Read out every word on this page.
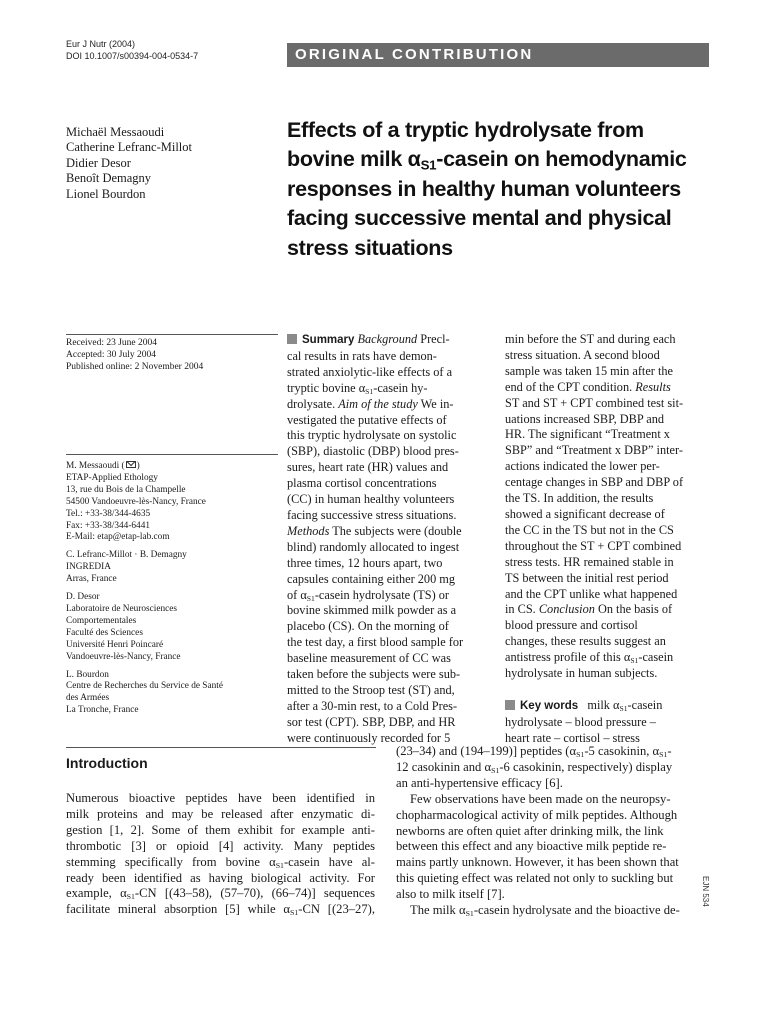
Eur J Nutr (2004)
DOI 10.1007/s00394-004-0534-7	ORIGINAL CONTRIBUTION
Michaël Messaoudi
Catherine Lefranc-Millot
Didier Desor
Benoît Demagny
Lionel Bourdon
Effects of a tryptic hydrolysate from
bovine milk $\alpha_{S1}$-casein on hemodynamic
responses in healthy human volunteers
facing successive mental and physical
stress situations
Received: 23 June 2004
Accepted: 30 July 2004
Published online: 2 November 2004
M. Messaoudi ( )
ETAP-Applied Ethology
13, rue du Bois de la Champelle
54500 Vandoeuvre-lès-Nancy, France
Tel.: +33-38/344-4635
Fax: +33-38/344-6441
E-Mail: etap@etap-lab.com
C. Lefranc-Millot · B. Demagny
INGREDIA
Arras, France
D. Desor
Laboratoire de Neurosciences
Comportementales
Faculté des Sciences
Université Henri Poincaré
Vandoeuvre-lès-Nancy, France
L. Bourdon
Centre de Recherches du Service de Santé
des Armées
La Tronche, France
Summary Background Precl-
cal results in rats have demon-
strated anxiolytic-like effects of a
tryptic bovine $\alpha_{S1}$-casein hy-
drolysate. Aim of the study We in-
vestigated the putative effects of
this tryptic hydrolysate on systolic
(SBP), diastolic (DBP) blood pres-
sures, heart rate (HR) values and
plasma cortisol concentrations
(CC) in human healthy volunteers
facing successive stress situations.
Methods The subjects were (double
blind) randomly allocated to ingest
three times, 12 hours apart, two
capsules containing either 200 mg
of $\alpha_{S1}$-casein hydrolysate (TS) or
bovine skimmed milk powder as a
placebo (CS). On the morning of
the test day, a first blood sample for
baseline measurement of CC was
taken before the subjects were sub-
mitted to the Stroop test (ST) and,
after a 30-min rest, to a Cold Pres-
sor test (CPT). SBP, DBP, and HR
were continuously recorded for 5
min before the ST and during each
stress situation. A second blood
sample was taken 15 min after the
end of the CPT condition. Results
ST and ST + CPT combined test sit-
uations increased SBP, DBP and
HR. The significant “Treatment x
SBP” and “Treatment x DBP” inter-
actions indicated the lower per-
centage changes in SBP and DBP of
the TS. In addition, the results
showed a significant decrease of
the CC in the TS but not in the CS
throughout the ST + CPT combined
stress tests. HR remained stable in
TS between the initial rest period
and the CPT unlike what happened
in CS. Conclusion On the basis of
blood pressure and cortisol
changes, these results suggest an
antistress profile of this $\alpha_{S1}$-casein
hydrolysate in human subjects.
Key words milk $\alpha_{S1}$-casein
hydrolysate – blood pressure –
heart rate – cortisol – stress
Introduction
Numerous bioactive peptides have been identified in
milk proteins and may be released after enzymatic di-
gestion [1, 2]. Some of them exhibit for example anti-
thrombotic [3] or opioid [4] activity. Many peptides
stemming specifically from bovine $\alpha_{S1}$-casein have al-
ready been identified as having biological activity. For
example, $\alpha_{S1}-CN$ [(43–58), (57–70), (66–74)] sequences
facilitate mineral absorption [5] while $\alpha_{S1}-CN$ [(23–27),
(23–34) and (194–199)] peptides ($\alpha_{S1}-5$ casokinin, $\alpha_{S1}-$
12 casokinin and $\alpha_{S1}-6$ casokinin, respectively) display
an anti-hypertensive efficacy [6].
Few observations have been made on the neuropsy-
chopharmacological activity of milk peptides. Although
newborns are often quiet after drinking milk, the link
between this effect and any bioactive milk peptide re-
mains partly unknown. However, it has been shown that
this quieting effect was related not only to suckling but
also to milk itself [7].
The milk $\alpha_{S1}$-casein hydrolysate and the bioactive de-
EJN 534
